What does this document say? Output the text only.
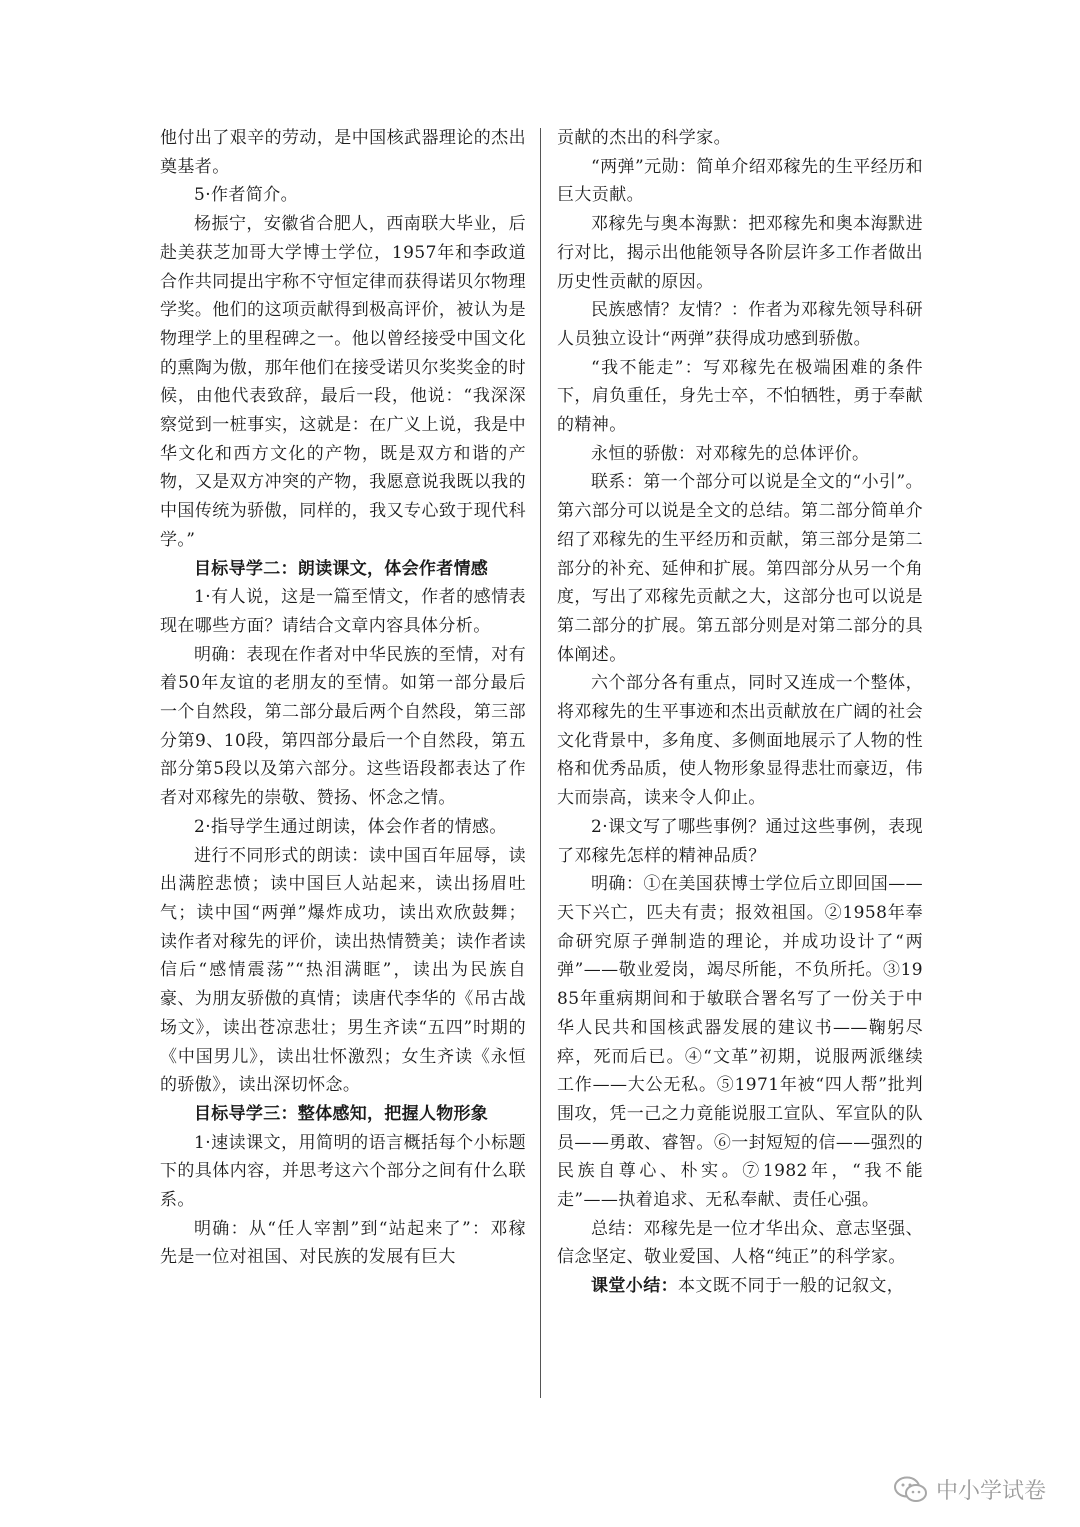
他付出了艰辛的劳动，是中国核武器理论的杰出奠基者。

5·作者简介。

杨振宁，安徽省合肥人，西南联大毕业，后赴美获芝加哥大学博士学位，1957年和李政道合作共同提出宇称不守恒定律而获得诺贝尔物理学奖。他们的这项贡献得到极高评价，被认为是物理学上的里程碑之一。他以曾经接受中国文化的熏陶为傲，那年他们在接受诺贝尔奖奖金的时候，由他代表致辞，最后一段，他说：“我深深察觉到一桩事实，这就是：在广义上说，我是中华文化和西方文化的产物，既是双方和谐的产物，又是双方冲突的产物，我愿意说我既以我的中国传统为骄傲，同样的，我又专心致于现代科学。”

目标导学二：朗读课文，体会作者情感

1·有人说，这是一篇至情文，作者的感情表现在哪些方面？请结合文章内容具体分析。

明确：表现在作者对中华民族的至情，对有着50年友谊的老朋友的至情。如第一部分最后一个自然段，第二部分最后两个自然段，第三部分第9、10段，第四部分最后一个自然段，第五部分第5段以及第六部分。这些语段都表达了作者对邓稼先的崇敬、赞扬、怀念之情。

2·指导学生通过朗读，体会作者的情感。

进行不同形式的朗读：读中国百年屈辱，读出满腔悲愤；读中国巨人站起来，读出扬眉吐气；读中国“两弹”爆炸成功，读出欢欣鼓舞；读作者对稼先的评价，读出热情赞美；读作者读信后“感情震荡”“热泪满眶”，读出为民族自豪、为朋友骄傲的真情；读唐代李华的《吊古战场文》，读出苍凉悲壮；男生齐读“五四”时期的《中国男儿》，读出壮怀激烈；女生齐读《永恒的骄傲》，读出深切怀念。

目标导学三：整体感知，把握人物形象

1·速读课文，用简明的语言概括每个小标题下的具体内容，并思考这六个部分之间有什么联系。

明确：从“任人宰割”到“站起来了”：邓稼先是一位对祖国、对民族的发展有巨大

贡献的杰出的科学家。

“两弹”元勋：简单介绍邓稼先的生平经历和巨大贡献。

邓稼先与奥本海默：把邓稼先和奥本海默进行对比，揭示出他能领导各阶层许多工作者做出历史性贡献的原因。

民族感情？友情？：作者为邓稼先领导科研人员独立设计“两弹”获得成功感到骄傲。

“我不能走”：写邓稼先在极端困难的条件下，肩负重任，身先士卒，不怕牺牲，勇于奉献的精神。

永恒的骄傲：对邓稼先的总体评价。

联系：第一个部分可以说是全文的“小引”。第六部分可以说是全文的总结。第二部分简单介绍了邓稼先的生平经历和贡献，第三部分是第二部分的补充、延伸和扩展。第四部分从另一个角度，写出了邓稼先贡献之大，这部分也可以说是第二部分的扩展。第五部分则是对第二部分的具体阐述。

六个部分各有重点，同时又连成一个整体，将邓稼先的生平事迹和杰出贡献放在广阔的社会文化背景中，多角度、多侧面地展示了人物的性格和优秀品质，使人物形象显得悲壮而豪迈，伟大而崇高，读来令人仰止。

2·课文写了哪些事例？通过这些事例，表现了邓稼先怎样的精神品质？

明确：①在美国获博士学位后立即回国——天下兴亡，匹夫有责；报效祖国。②1958年奉命研究原子弹制造的理论，并成功设计了“两弹”——敬业爱岗，竭尽所能，不负所托。③1985年重病期间和于敏联合署名写了一份关于中华人民共和国核武器发展的建议书——鞠躬尽瘁，死而后已。④“文革”初期，说服两派继续工作——大公无私。⑤1971年被“四人帮”批判围攻，凭一己之力竟能说服工宣队、军宣队的队员——勇敢、睿智。⑥一封短短的信——强烈的民族自尊心、朴实。⑦1982年，“我不能走”——执着追求、无私奉献、责任心强。

总结：邓稼先是一位才华出众、意志坚强、信念坚定、敬业爱国、人格“纯正”的科学家。

课堂小结：本文既不同于一般的记叙文，

中小学试卷
